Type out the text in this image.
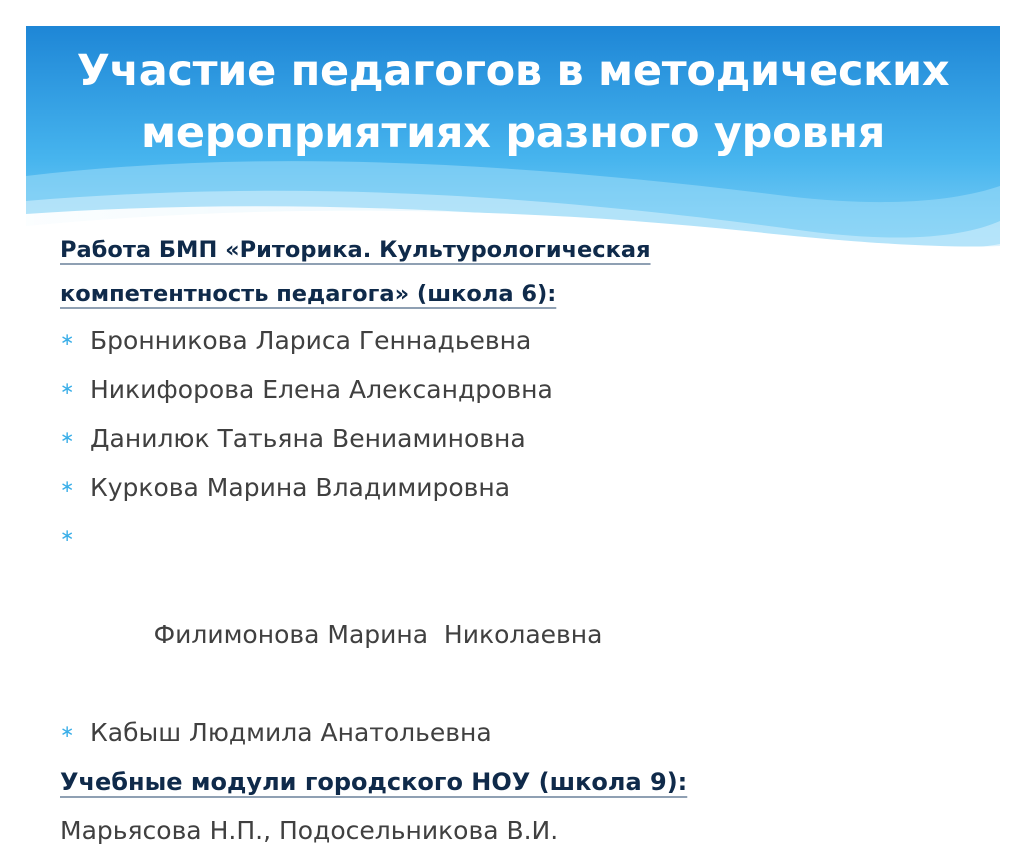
Участие педагогов в методических
мероприятиях разного уровня

Работа БМП «Риторика. Культурологическая
компетентность педагога» (школа 6):

∗ Бронникова Лариса Геннадьевна
∗ Никифорова Елена Александровна
∗ Данилюк Татьяна Вениаминовна
∗ Куркова Марина Владимировна

∗

Филимонова Марина  Николаевна

∗ Кабыш Людмила Анатольевна

Учебные модули городского НОУ (школа 9):

Марьясова Н.П., Подосельникова В.И.
